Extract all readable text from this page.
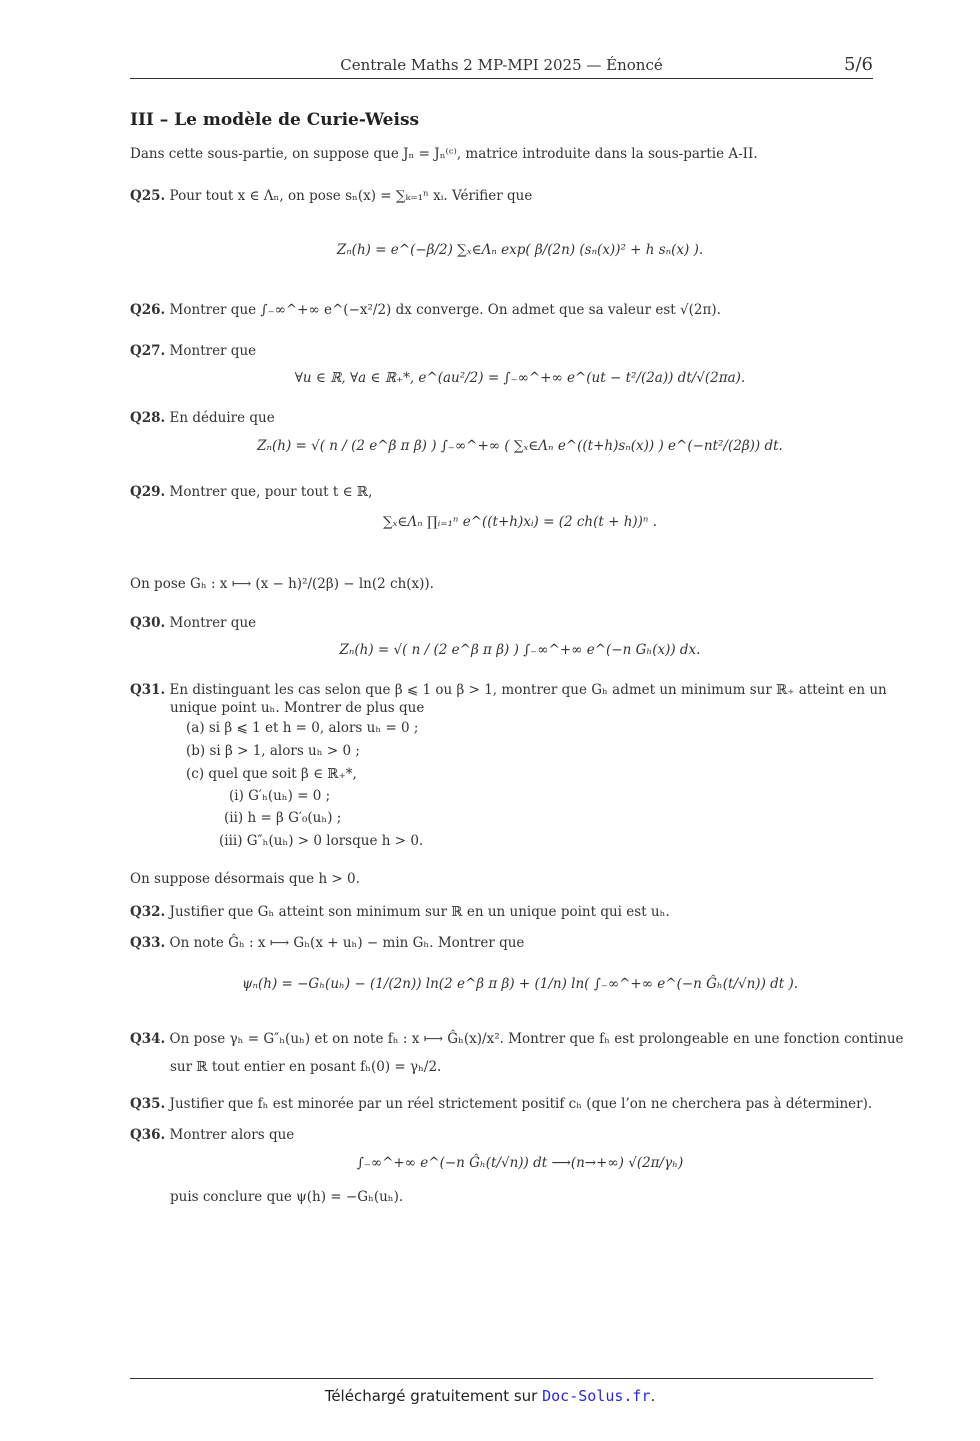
Centrale Maths 2 MP-MPI 2025 — Énoncé	5/6
III – Le modèle de Curie-Weiss
Dans cette sous-partie, on suppose que Jₙ = Jₙ⁽ᶜ⁾, matrice introduite dans la sous-partie A-II.
Q25. Pour tout x ∈ Λₙ, on pose sₙ(x) = ∑ₖ₌₁ⁿ xᵢ. Vérifier que
Zₙ(h) = e^(−β/2) ∑ₓ∈Λₙ exp( β/(2n) (sₙ(x))² + h sₙ(x) ).
Q26. Montrer que ∫₋∞^+∞ e^(−x²/2) dx converge. On admet que sa valeur est √(2π).
Q27. Montrer que
∀u ∈ ℝ, ∀a ∈ ℝ₊*, e^(au²/2) = ∫₋∞^+∞ e^(ut − t²/(2a)) dt/√(2πa).
Q28. En déduire que
Zₙ(h) = √( n / (2 e^β π β) ) ∫₋∞^+∞ ( ∑ₓ∈Λₙ e^((t+h)sₙ(x)) ) e^(−nt²/(2β)) dt.
Q29. Montrer que, pour tout t ∈ ℝ,
∑ₓ∈Λₙ ∏ᵢ₌₁ⁿ e^((t+h)xᵢ) = (2 ch(t + h))ⁿ .
On pose Gₕ : x ⟼ (x − h)²/(2β) − ln(2 ch(x)).
Q30. Montrer que
Zₙ(h) = √( n / (2 e^β π β) ) ∫₋∞^+∞ e^(−n Gₕ(x)) dx.
Q31. En distinguant les cas selon que β ⩽ 1 ou β > 1, montrer que Gₕ admet un minimum sur ℝ₊ atteint en un
unique point uₕ. Montrer de plus que
(a) si β ⩽ 1 et h = 0, alors uₕ = 0 ;
(b) si β > 1, alors uₕ > 0 ;
(c) quel que soit β ∈ ℝ₊*,
(i) G′ₕ(uₕ) = 0 ;
(ii) h = β G′₀(uₕ) ;
(iii) G″ₕ(uₕ) > 0 lorsque h > 0.
On suppose désormais que h > 0.
Q32. Justifier que Gₕ atteint son minimum sur ℝ en un unique point qui est uₕ.
Q33. On note Ĝₕ : x ⟼ Gₕ(x + uₕ) − min Gₕ. Montrer que
ψₙ(h) = −Gₕ(uₕ) − (1/(2n)) ln(2 e^β π β) + (1/n) ln( ∫₋∞^+∞ e^(−n Ĝₕ(t/√n)) dt ).
Q34. On pose γₕ = G″ₕ(uₕ) et on note fₕ : x ⟼ Ĝₕ(x)/x². Montrer que fₕ est prolongeable en une fonction continue
sur ℝ tout entier en posant fₕ(0) = γₕ/2.
Q35. Justifier que fₕ est minorée par un réel strictement positif cₕ (que l’on ne cherchera pas à déterminer).
Q36. Montrer alors que
∫₋∞^+∞ e^(−n Ĝₕ(t/√n)) dt ⟶(n→+∞) √(2π/γₕ)
puis conclure que ψ(h) = −Gₕ(uₕ).
Téléchargé gratuitement sur Doc-Solus.fr.
